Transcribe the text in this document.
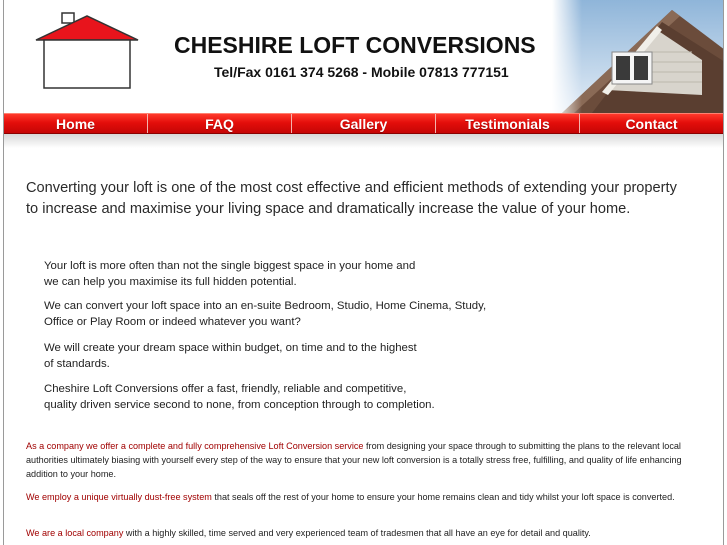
CHESHIRE LOFT CONVERSIONS
Tel/Fax 0161 374 5268 - Mobile 07813 777151
Home	FAQ	Gallery	Testimonials	Contact

Converting your loft is one of the most cost effective and efficient methods of extending your property to increase and maximise your living space and dramatically increase the value of your home.

Your loft is more often than not the single biggest space in your home and
we can help you maximise its full hidden potential.

We can convert your loft space into an en-suite Bedroom, Studio, Home Cinema, Study,
Office or Play Room or indeed whatever you want?

We will create your dream space within budget, on time and to the highest
of standards.

Cheshire Loft Conversions offer a fast, friendly, reliable and competitive,
quality driven service second to none, from conception through to completion.

As a company we offer a complete and fully comprehensive Loft Conversion service from designing your space through to submitting the plans to the relevant local authorities ultimately biasing with yourself every step of the way to ensure that your new loft conversion is a totally stress free, fulfilling, and quality of life enhancing addition to your home.

We employ a unique virtually dust-free system that seals off the rest of your home to ensure your home remains clean and tidy whilst your loft space is converted.

We are a local company with a highly skilled, time served and very experienced team of tradesmen that all have an eye for detail and quality.
